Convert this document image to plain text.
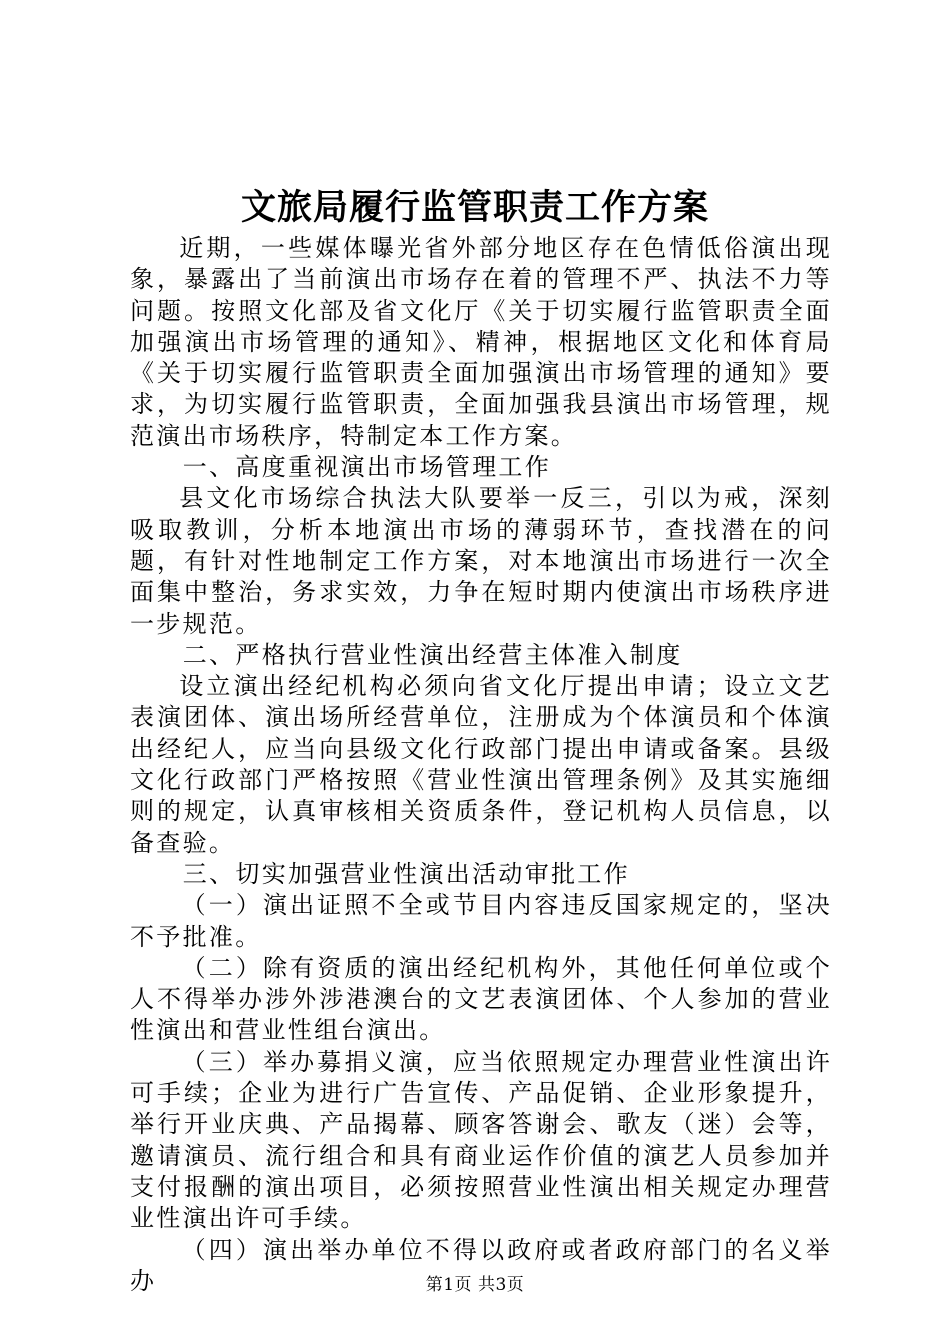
文旅局履行监管职责工作方案

近期，一些媒体曝光省外部分地区存在色情低俗演出现象，暴露出了当前演出市场存在着的管理不严、执法不力等问题。按照文化部及省文化厅《关于切实履行监管职责全面加强演出市场管理的通知》、精神，根据地区文化和体育局《关于切实履行监管职责全面加强演出市场管理的通知》要求，为切实履行监管职责，全面加强我县演出市场管理，规范演出市场秩序，特制定本工作方案。

一、高度重视演出市场管理工作

县文化市场综合执法大队要举一反三，引以为戒，深刻吸取教训，分析本地演出市场的薄弱环节，查找潜在的问题，有针对性地制定工作方案，对本地演出市场进行一次全面集中整治，务求实效，力争在短时期内使演出市场秩序进一步规范。

二、严格执行营业性演出经营主体准入制度

设立演出经纪机构必须向省文化厅提出申请；设立文艺表演团体、演出场所经营单位，注册成为个体演员和个体演出经纪人，应当向县级文化行政部门提出申请或备案。县级文化行政部门严格按照《营业性演出管理条例》及其实施细则的规定，认真审核相关资质条件，登记机构人员信息，以备查验。

三、切实加强营业性演出活动审批工作

（一）演出证照不全或节目内容违反国家规定的，坚决不予批准。

（二）除有资质的演出经纪机构外，其他任何单位或个人不得举办涉外涉港澳台的文艺表演团体、个人参加的营业性演出和营业性组台演出。

（三）举办募捐义演，应当依照规定办理营业性演出许可手续；企业为进行广告宣传、产品促销、企业形象提升，举行开业庆典、产品揭幕、顾客答谢会、歌友（迷）会等，邀请演员、流行组合和具有商业运作价值的演艺人员参加并支付报酬的演出项目，必须按照营业性演出相关规定办理营业性演出许可手续。

（四）演出举办单位不得以政府或者政府部门的名义举办	第1页 共3页
